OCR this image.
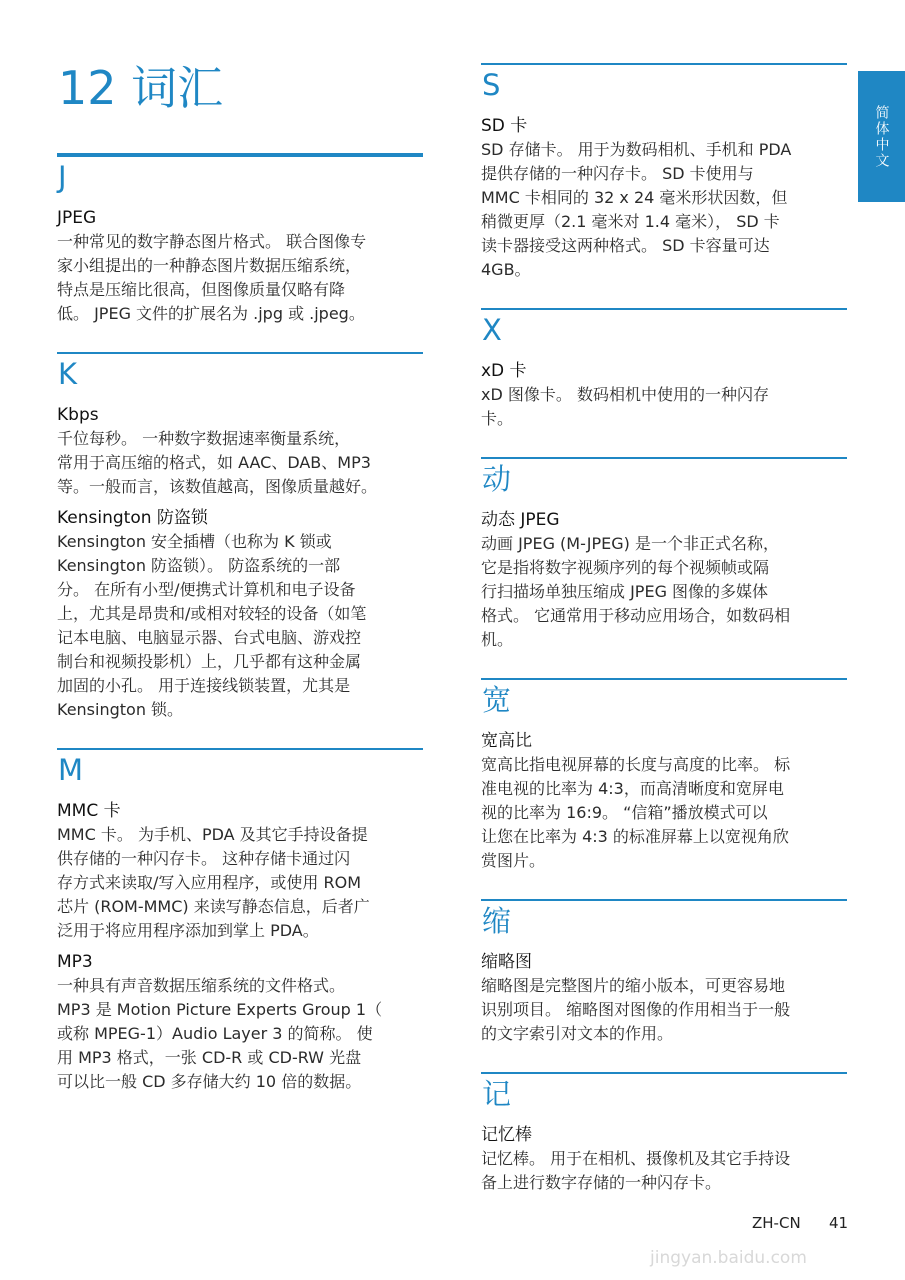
12 词汇
简体中文
J
JPEG
一种常见的数字静态图片格式。 联合图像专
家小组提出的一种静态图片数据压缩系统，
特点是压缩比很高，但图像质量仅略有降
低。 JPEG 文件的扩展名为 .jpg 或 .jpeg。
K
Kbps
千位每秒。 一种数字数据速率衡量系统，
常用于高压缩的格式，如 AAC、DAB、MP3
等。一般而言，该数值越高，图像质量越好。
Kensington 防盗锁
Kensington 安全插槽（也称为 K 锁或
Kensington 防盗锁）。 防盗系统的一部
分。 在所有小型/便携式计算机和电子设备
上，尤其是昂贵和/或相对较轻的设备（如笔
记本电脑、电脑显示器、台式电脑、游戏控
制台和视频投影机）上，几乎都有这种金属
加固的小孔。 用于连接线锁装置，尤其是
Kensington 锁。
M
MMC 卡
MMC 卡。 为手机、PDA 及其它手持设备提
供存储的一种闪存卡。 这种存储卡通过闪
存方式来读取/写入应用程序，或使用 ROM
芯片 (ROM-MMC) 来读写静态信息，后者广
泛用于将应用程序添加到掌上 PDA。
MP3
一种具有声音数据压缩系统的文件格式。
MP3 是 Motion Picture Experts Group 1（
或称 MPEG-1）Audio Layer 3 的简称。 使
用 MP3 格式，一张 CD-R 或 CD-RW 光盘
可以比一般 CD 多存储大约 10 倍的数据。
S
SD 卡
SD 存储卡。 用于为数码相机、手机和 PDA
提供存储的一种闪存卡。 SD 卡使用与
MMC 卡相同的 32 x 24 毫米形状因数，但
稍微更厚（2.1 毫米对 1.4 毫米）， SD 卡
读卡器接受这两种格式。 SD 卡容量可达
4GB。
X
xD 卡
xD 图像卡。 数码相机中使用的一种闪存
卡。
动
动态 JPEG
动画 JPEG (M-JPEG) 是一个非正式名称，
它是指将数字视频序列的每个视频帧或隔
行扫描场单独压缩成 JPEG 图像的多媒体
格式。 它通常用于移动应用场合，如数码相
机。
宽
宽高比
宽高比指电视屏幕的长度与高度的比率。 标
准电视的比率为 4:3，而高清晰度和宽屏电
视的比率为 16:9。 “信箱”播放模式可以
让您在比率为 4:3 的标准屏幕上以宽视角欣
赏图片。
缩
缩略图
缩略图是完整图片的缩小版本，可更容易地
识别项目。 缩略图对图像的作用相当于一般
的文字索引对文本的作用。
记
记忆棒
记忆棒。 用于在相机、摄像机及其它手持设
备上进行数字存储的一种闪存卡。
jingyan.baidu.com
ZH-CN 41
